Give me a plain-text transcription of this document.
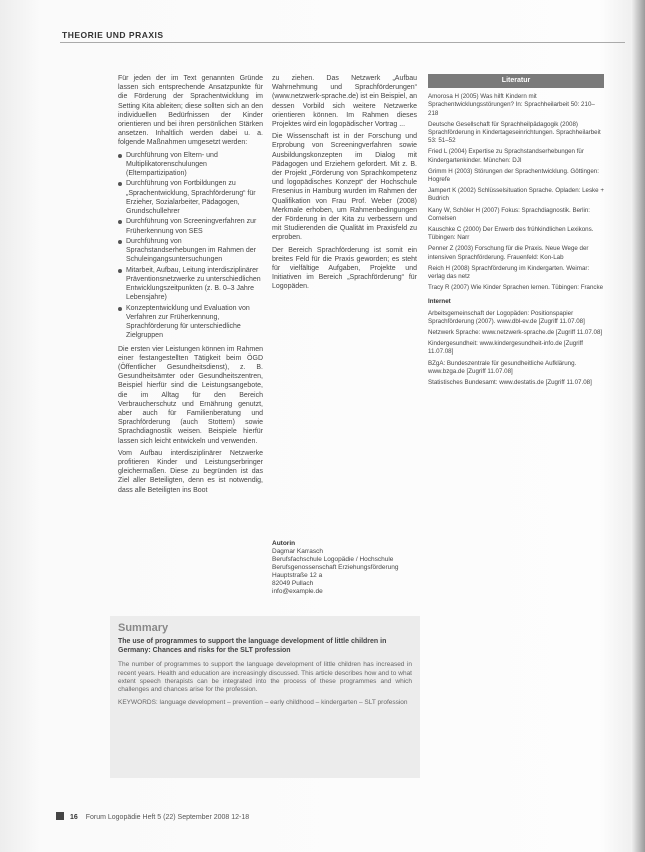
THEORIE UND PRAXIS

Für jeden der im Text genannten Gründe lassen sich entsprechende Ansatzpunkte für die Förderung der Sprachentwicklung im Setting Kita ableiten; diese sollten sich an den individuellen Bedürfnissen der Kinder orientieren und bei ihren persönlichen Stärken ansetzen. Inhaltlich werden dabei u. a. folgende Maßnahmen umgesetzt werden:

Durchführung von Eltern- und Multiplikatorenschulungen (Elternpartizipation)
Durchführung von Fortbildungen zu „Sprachentwicklung, Sprachförderung“ für Erzieher, Sozialarbeiter, Pädagogen, Grundschullehrer
Durchführung von Screeningverfahren zur Früherkennung von SES
Durchführung von Sprachstandserhebungen im Rahmen der Schuleingangsuntersuchungen
Mitarbeit, Aufbau, Leitung interdisziplinärer Präventionsnetzwerke zu unterschiedlichen Entwicklungszeitpunkten (z. B. 0–3 Jahre Lebensjahre)
Konzeptentwicklung und Evaluation von Verfahren zur Früherkennung, Sprachförderung für unterschiedliche Zielgruppen

Die ersten vier Leistungen können im Rahmen einer festangestellten Tätigkeit beim ÖGD (Öffentlicher Gesundheitsdienst), z. B. Gesundheitsämter oder Gesundheitszentren, Beispiel hierfür sind die Leistungsangebote, die im Alltag für den Bereich Verbraucherschutz und Ernährung genutzt, aber auch für Familienberatung und Sprachförderung (auch Stottern) sowie Sprachdiagnostik weisen. Beispiele hierfür lassen sich leicht entwickeln und verwenden.

Vom Aufbau interdisziplinärer Netzwerke profitieren Kinder und Leistungserbringer gleichermaßen. Diese zu begründen ist das Ziel aller Beteiligten, denn es ist notwendig, dass alle Beteiligten ins Boot

zu ziehen. Das Netzwerk „Aufbau Wahrnehmung und Sprachförderungen“ (www.netzwerk-sprache.de) ist ein Beispiel, an dessen Vorbild sich weitere Netzwerke orientieren können. Im Rahmen dieses Projektes wird ein logopädischer Vortrag ...

Die Wissenschaft ist in der Forschung und Erprobung von Screeningverfahren sowie Ausbildungskonzepten im Dialog mit Pädagogen und Erziehern gefordert. Mit z. B. der Projekt „Förderung von Sprachkompetenz und logopädisches Konzept“ der Hochschule Fresenius in Hamburg wurden im Rahmen der Qualifikation von Frau Prof. Weber (2008) Merkmale erhoben, um Rahmenbedingungen der Förderung in der Kita zu verbessern und mit Studierenden die Qualität im Praxisfeld zu erproben.

Der Bereich Sprachförderung ist somit ein breites Feld für die Praxis geworden; es steht für vielfältige Aufgaben, Projekte und Initiativen im Bereich „Sprachförderung“ für Logopäden.

Autorin
Dagmar Karrasch
Berufsfachschule Logopädie / Hochschule
Berufsgenossenschaft Erziehungsförderung
Hauptstraße 12 a
82049 Pullach
info@example.de
Literatur

Amorosa H (2005) Was hilft Kindern mit Sprachentwicklungsstörungen? In: Sprachheilarbeit 50: 210–218

Deutsche Gesellschaft für Sprachheilpädagogik (2008) Sprachförderung in Kindertageseinrichtungen. Sprachheilarbeit 53: 51–52

Fried L (2004) Expertise zu Sprachstandserhebungen für Kindergartenkinder. München: DJI

Grimm H (2003) Störungen der Sprachentwicklung. Göttingen: Hogrefe

Jampert K (2002) Schlüsselsituation Sprache. Opladen: Leske + Budrich

Kany W, Schöler H (2007) Fokus: Sprachdiagnostik. Berlin: Cornelsen

Kauschke C (2000) Der Erwerb des frühkindlichen Lexikons. Tübingen: Narr

Penner Z (2003) Forschung für die Praxis. Neue Wege der intensiven Sprachförderung. Frauenfeld: Kon-Lab

Reich H (2008) Sprachförderung im Kindergarten. Weimar: verlag das netz

Tracy R (2007) Wie Kinder Sprachen lernen. Tübingen: Francke

Internet

Arbeitsgemeinschaft der Logopäden: Positionspapier Sprachförderung (2007). www.dbl-ev.de [Zugriff 11.07.08]

Netzwerk Sprache: www.netzwerk-sprache.de [Zugriff 11.07.08]

Kindergesundheit: www.kindergesundheit-info.de [Zugriff 11.07.08]

BZgA: Bundeszentrale für gesundheitliche Aufklärung. www.bzga.de [Zugriff 11.07.08]

Statistisches Bundesamt: www.destatis.de [Zugriff 11.07.08]

Summary
The use of programmes to support the language development of little children in Germany: Chances and risks for the SLT profession
The number of programmes to support the language development of little children has increased in recent years. Health and education are increasingly discussed. This article describes how and to what extent speech therapists can be integrated into the process of these programmes and which challenges and chances arise for the profession.
KEYWORDS: language development – prevention – early childhood – kindergarten – SLT profession
16 Forum Logopädie Heft 5 (22) September 2008 12-18
